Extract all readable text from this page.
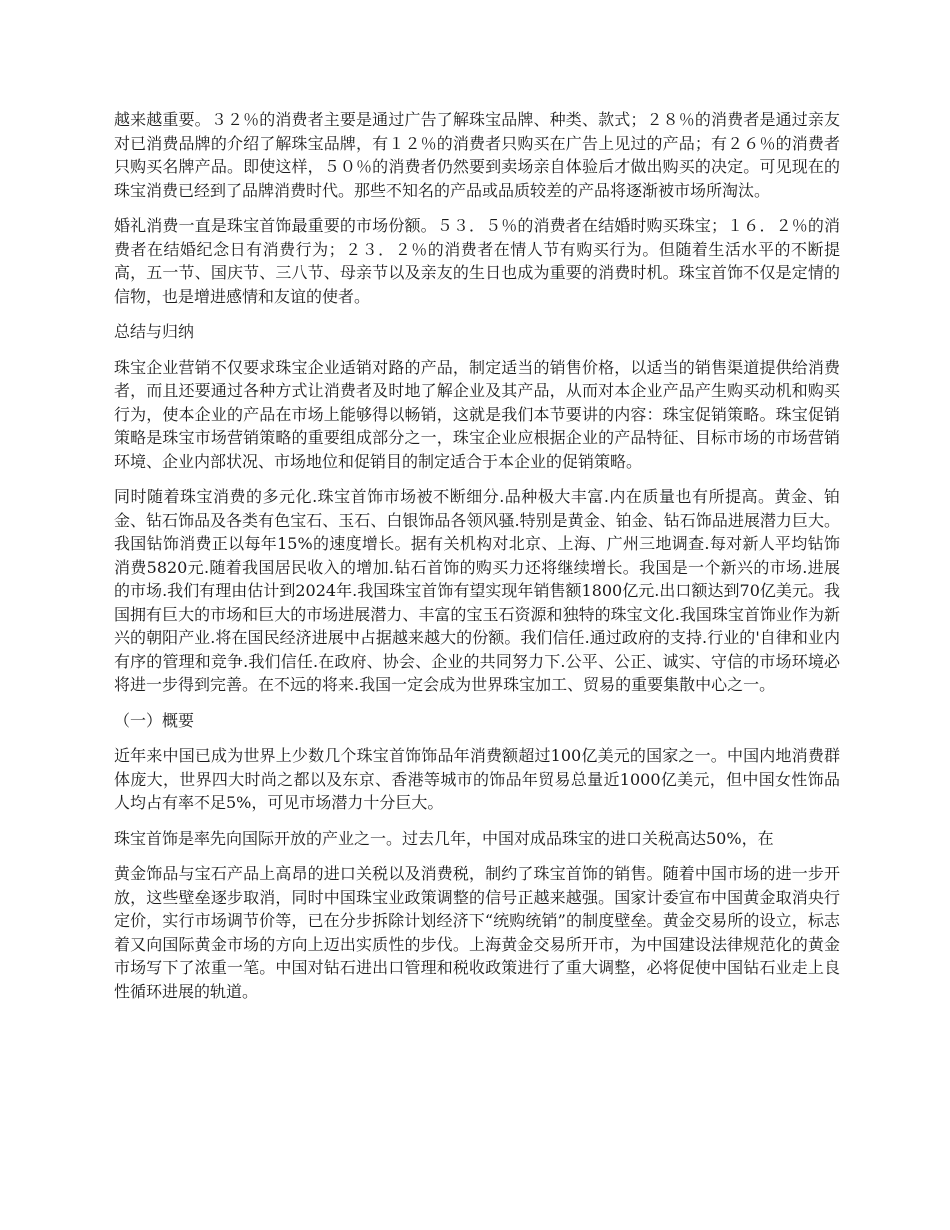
越来越重要。３２％的消费者主要是通过广告了解珠宝品牌、种类、款式；２８％的消费者是通过亲友对已消费品牌的介绍了解珠宝品牌，有１２％的消费者只购买在广告上见过的产品；有２６％的消费者只购买名牌产品。即使这样，５０％的消费者仍然要到卖场亲自体验后才做出购买的决定。可见现在的珠宝消费已经到了品牌消费时代。那些不知名的产品或品质较差的产品将逐渐被市场所淘汰。

婚礼消费一直是珠宝首饰最重要的市场份额。５３．５％的消费者在结婚时购买珠宝；１６．２％的消费者在结婚纪念日有消费行为；２３．２％的消费者在情人节有购买行为。但随着生活水平的不断提高，五一节、国庆节、三八节、母亲节以及亲友的生日也成为重要的消费时机。珠宝首饰不仅是定情的信物，也是增进感情和友谊的使者。

总结与归纳

珠宝企业营销不仅要求珠宝企业适销对路的产品，制定适当的销售价格，以适当的销售渠道提供给消费者，而且还要通过各种方式让消费者及时地了解企业及其产品，从而对本企业产品产生购买动机和购买行为，使本企业的产品在市场上能够得以畅销，这就是我们本节要讲的内容：珠宝促销策略。珠宝促销策略是珠宝市场营销策略的重要组成部分之一，珠宝企业应根据企业的产品特征、目标市场的市场营销环境、企业内部状况、市场地位和促销目的制定适合于本企业的促销策略。

同时随着珠宝消费的多元化.珠宝首饰市场被不断细分.品种极大丰富.内在质量也有所提高。黄金、铂金、钻石饰品及各类有色宝石、玉石、白银饰品各领风骚.特别是黄金、铂金、钻石饰品进展潜力巨大。我国钻饰消费正以每年15%的速度增长。据有关机构对北京、上海、广州三地调查.每对新人平均钻饰消费5820元.随着我国居民收入的增加.钻石首饰的购买力还将继续增长。我国是一个新兴的市场.进展的市场.我们有理由估计到2024年.我国珠宝首饰有望实现年销售额1800亿元.出口额达到70亿美元。我国拥有巨大的市场和巨大的市场进展潜力、丰富的宝玉石资源和独特的珠宝文化.我国珠宝首饰业作为新兴的朝阳产业.将在国民经济进展中占据越来越大的份额。我们信任.通过政府的支持.行业的'自律和业内有序的管理和竞争.我们信任.在政府、协会、企业的共同努力下.公平、公正、诚实、守信的市场环境必将进一步得到完善。在不远的将来.我国一定会成为世界珠宝加工、贸易的重要集散中心之一。

（一）概要

近年来中国已成为世界上少数几个珠宝首饰饰品年消费额超过100亿美元的国家之一。中国内地消费群体庞大，世界四大时尚之都以及东京、香港等城市的饰品年贸易总量近1000亿美元，但中国女性饰品人均占有率不足5%，可见市场潜力十分巨大。

珠宝首饰是率先向国际开放的产业之一。过去几年，中国对成品珠宝的进口关税高达50%，在

黄金饰品与宝石产品上高昂的进口关税以及消费税，制约了珠宝首饰的销售。随着中国市场的进一步开放，这些壁垒逐步取消，同时中国珠宝业政策调整的信号正越来越强。国家计委宣布中国黄金取消央行定价，实行市场调节价等，已在分步拆除计划经济下“统购统销”的制度壁垒。黄金交易所的设立，标志着又向国际黄金市场的方向上迈出实质性的步伐。上海黄金交易所开市，为中国建设法律规范化的黄金市场写下了浓重一笔。中国对钻石进出口管理和税收政策进行了重大调整，必将促使中国钻石业走上良性循环进展的轨道。
